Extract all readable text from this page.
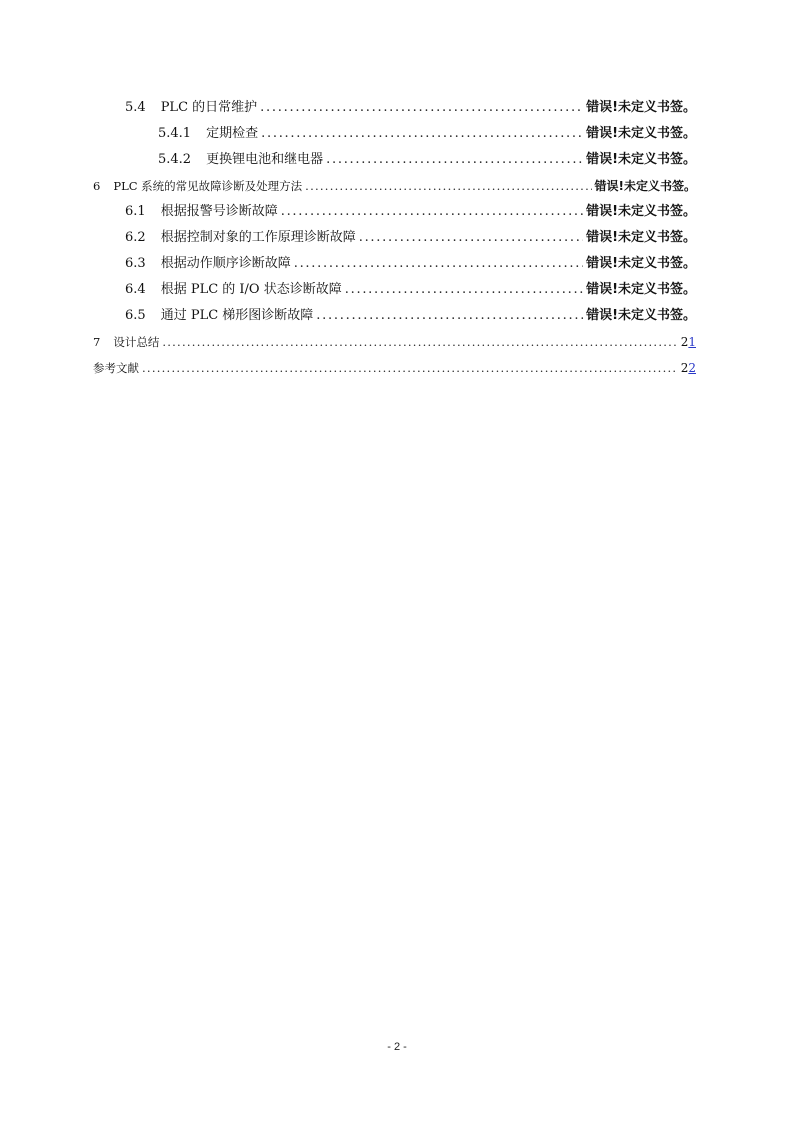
5.4 PLC 的日常维护 . . .	错误!未定义书签。
5.4.1 定期检查 . . .	错误!未定义书签。
5.4.2 更换锂电池和继电器 . . .	错误!未定义书签。
6 PLC 系统的常见故障诊断及处理方法 . . .	错误!未定义书签。
6.1 根据报警号诊断故障 . . .	错误!未定义书签。
6.2 根据控制对象的工作原理诊断故障 . . .	错误!未定义书签。
6.3 根据动作顺序诊断故障 . . .	错误!未定义书签。
6.4 根据 PLC 的 I/O 状态诊断故障 . . .	错误!未定义书签。
6.5 通过 PLC 梯形图诊断故障 . . .	错误!未定义书签。
7 设计总结 . . .	21
参考文献 . . .	22
- 2 -
